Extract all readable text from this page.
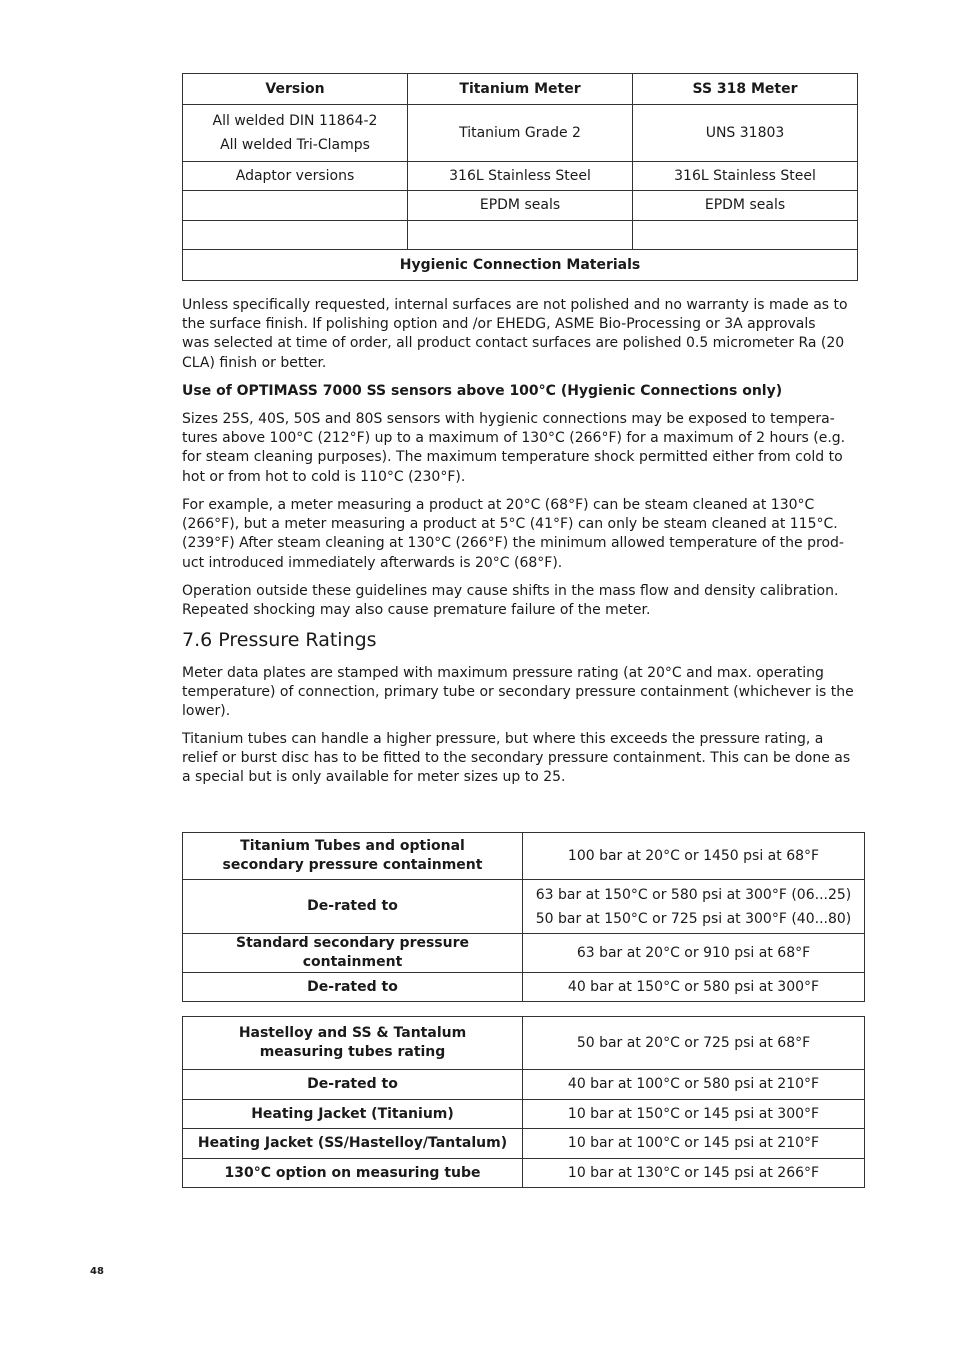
Version	Titanium Meter	SS 318 Meter

All welded DIN 11864-2
All welded Tri-Clamps	Titanium Grade 2	UNS 31803
Adaptor versions	316L Stainless Steel	316L Stainless Steel
	EPDM seals	EPDM seals

Hygienic Connection Materials		
Unless specifically requested, internal surfaces are not polished and no warranty is made as to
the surface finish. If polishing option and /or EHEDG, ASME Bio-Processing or 3A approvals
was selected at time of order, all product contact surfaces are polished 0.5 micrometer Ra (20
CLA) finish or better.
Use of OPTIMASS 7000 SS sensors above 100°C (Hygienic Connections only)
Sizes 25S, 40S, 50S and 80S sensors with hygienic connections may be exposed to tempera-
tures above 100°C (212°F) up to a maximum of 130°C (266°F) for a maximum of 2 hours (e.g.
for steam cleaning purposes). The maximum temperature shock permitted either from cold to
hot or from hot to cold is 110°C (230°F).
For example, a meter measuring a product at 20°C (68°F) can be steam cleaned at 130°C
(266°F), but a meter measuring a product at 5°C (41°F) can only be steam cleaned at 115°C.
(239°F) After steam cleaning at 130°C (266°F) the minimum allowed temperature of the prod-
uct introduced immediately afterwards is 20°C (68°F).
Operation outside these guidelines may cause shifts in the mass flow and density calibration.
Repeated shocking may also cause premature failure of the meter.
7.6 Pressure Ratings
Meter data plates are stamped with maximum pressure rating (at 20°C and max. operating
temperature) of connection, primary tube or secondary pressure containment (whichever is the
lower).
Titanium tubes can handle a higher pressure, but where this exceeds the pressure rating, a
relief or burst disc has to be fitted to the secondary pressure containment. This can be done as
a special but is only available for meter sizes up to 25.
Titanium Tubes and optional
secondary pressure containment	100 bar at 20°C or 1450 psi at 68°F
De-rated to	63 bar at 150°C or 580 psi at 300°F (06...25)
50 bar at 150°C or 725 psi at 300°F (40...80)

Standard secondary pressure containment	63 bar at 20°C or 910 psi at 68°F
De-rated to	40 bar at 150°C or 580 psi at 300°F
Hastelloy and SS & Tantalum
measuring tubes rating	50 bar at 20°C or 725 psi at 68°F
De-rated to	40 bar at 100°C or 580 psi at 210°F
Heating Jacket (Titanium)	10 bar at 150°C or 145 psi at 300°F
Heating Jacket (SS/Hastelloy/Tantalum)	10 bar at 100°C or 145 psi at 210°F
130°C option on measuring tube	10 bar at 130°C or 145 psi at 266°F
48
